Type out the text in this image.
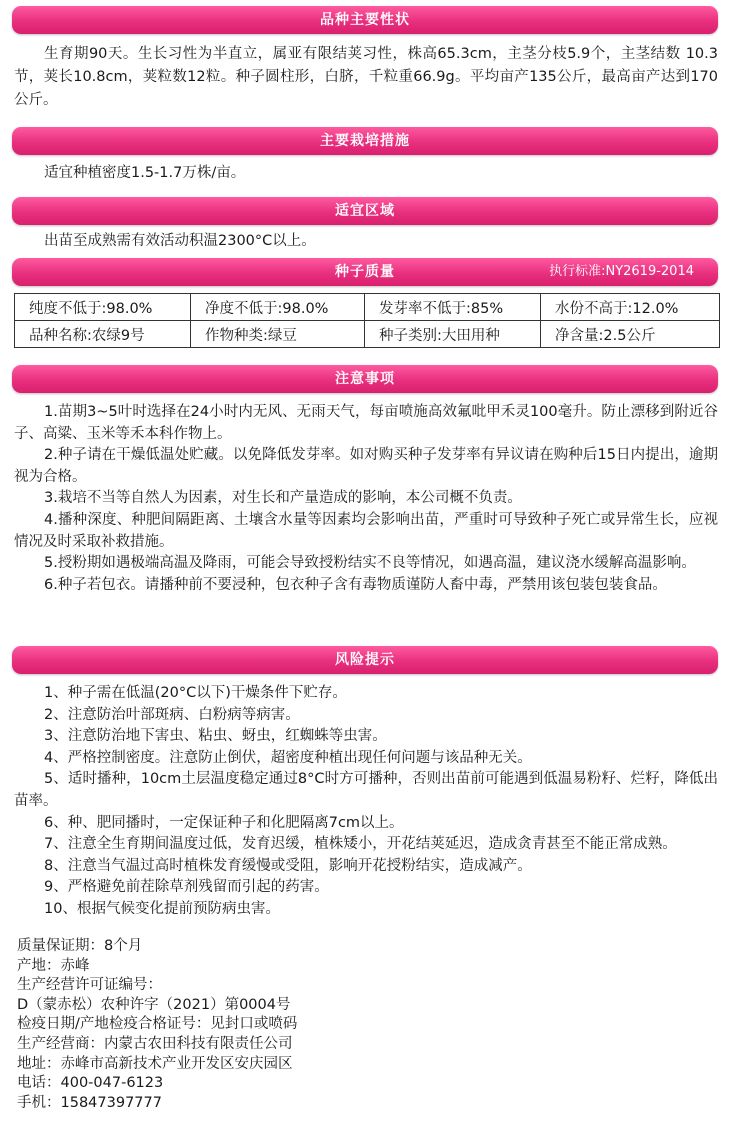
品种主要性状
生育期90天。生长习性为半直立，属亚有限结荚习性，株高65.3cm，主茎分枝5.9个，主茎结数 10.3节，荚长10.8cm，荚粒数12粒。种子圆柱形，白脐，千粒重66.9g。平均亩产135公斤，最高亩产达到170公斤。
主要栽培措施
适宜种植密度1.5-1.7万株/亩。
适宜区域
出苗至成熟需有效活动积温2300°C以上。
种子质量	执行标准:NY2619-2014
纯度不低于:98.0%	净度不低于:98.0%	发芽率不低于:85%	水份不高于:12.0%
品种名称:农绿9号	作物种类:绿豆	种子类别:大田用种	净含量:2.5公斤
注意事项

1.苗期3~5叶时选择在24小时内无风、无雨天气，每亩喷施高效氟吡甲禾灵100毫升。防止漂移到附近谷子、高粱、玉米等禾本科作物上。

2.种子请在干燥低温处贮藏。以免降低发芽率。如对购买种子发芽率有异议请在购种后15日内提出，逾期视为合格。

3.栽培不当等自然人为因素，对生长和产量造成的影响，本公司概不负责。

4.播种深度、种肥间隔距离、土壤含水量等因素均会影响出苗，严重时可导致种子死亡或异常生长，应视情况及时采取补救措施。

5.授粉期如遇极端高温及降雨，可能会导致授粉结实不良等情况，如遇高温，建议浇水缓解高温影响。

6.种子若包衣。请播种前不要浸种，包衣种子含有毒物质谨防人畜中毒，严禁用该包装包装食品。

风险提示

1、种子需在低温(20°C以下)干燥条件下贮存。

2、注意防治叶部斑病、白粉病等病害。

3、注意防治地下害虫、粘虫、蚜虫，红蜘蛛等虫害。

4、严格控制密度。注意防止倒伏，超密度种植出现任何问题与该品种无关。

5、适时播种，10cm土层温度稳定通过8°C时方可播种，否则出苗前可能遇到低温易粉籽、烂籽，降低出苗率。

6、种、肥同播时，一定保证种子和化肥隔离7cm以上。

7、注意全生育期间温度过低，发育迟缓，植株矮小，开花结荚延迟，造成贪青甚至不能正常成熟。

8、注意当气温过高时植株发育缓慢或受阻，影响开花授粉结实，造成减产。

9、严格避免前茬除草剂残留而引起的药害。

10、根据气候变化提前预防病虫害。

质量保证期：8个月
产地：赤峰
生产经营许可证编号：
D（蒙赤松）农种许字（2021）第0004号
检疫日期/产地检疫合格证号：见封口或喷码
生产经营商：内蒙古农田科技有限责任公司
地址：赤峰市高新技术产业开发区安庆园区
电话：400-047-6123
手机：15847397777
